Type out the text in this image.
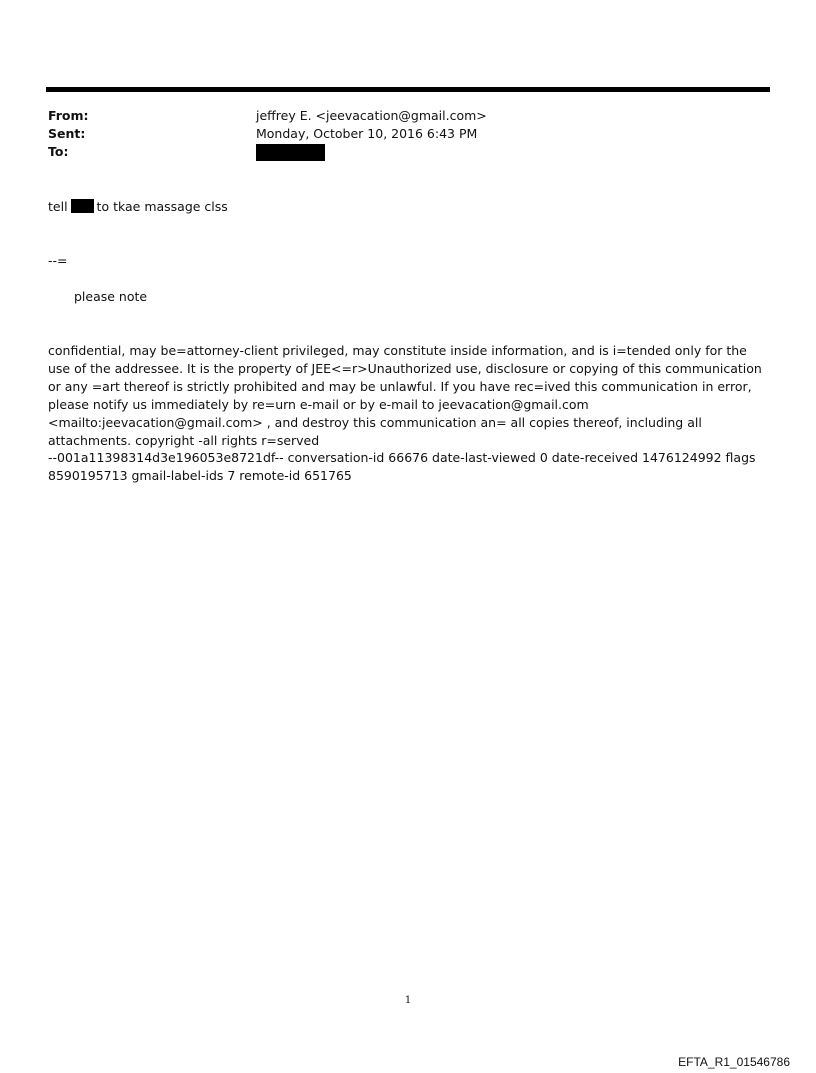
From:	jeffrey E. <jeevacation@gmail.com>
Sent:	Monday, October 10, 2016 6:43 PM
To:
tell to tkae massage clss
--=
please note
confidential, may be=attorney-client privileged, may constitute inside information, and is i=tended only for the use of the addressee. It is the property of JEE<=r>Unauthorized use, disclosure or copying of this communication or any =art thereof is strictly prohibited and may be unlawful. If you have rec=ived this communication in error, please notify us immediately by re=urn e-mail or by e-mail to jeevacation@gmail.com <mailto:jeevacation@gmail.com> , and destroy this communication an= all copies thereof, including all attachments. copyright -all rights r=served
--001a11398314d3e196053e8721df-- conversation-id 66676 date-last-viewed 0 date-received 1476124992 flags 8590195713 gmail-label-ids 7 remote-id 651765
1
EFTA_R1_01546786
